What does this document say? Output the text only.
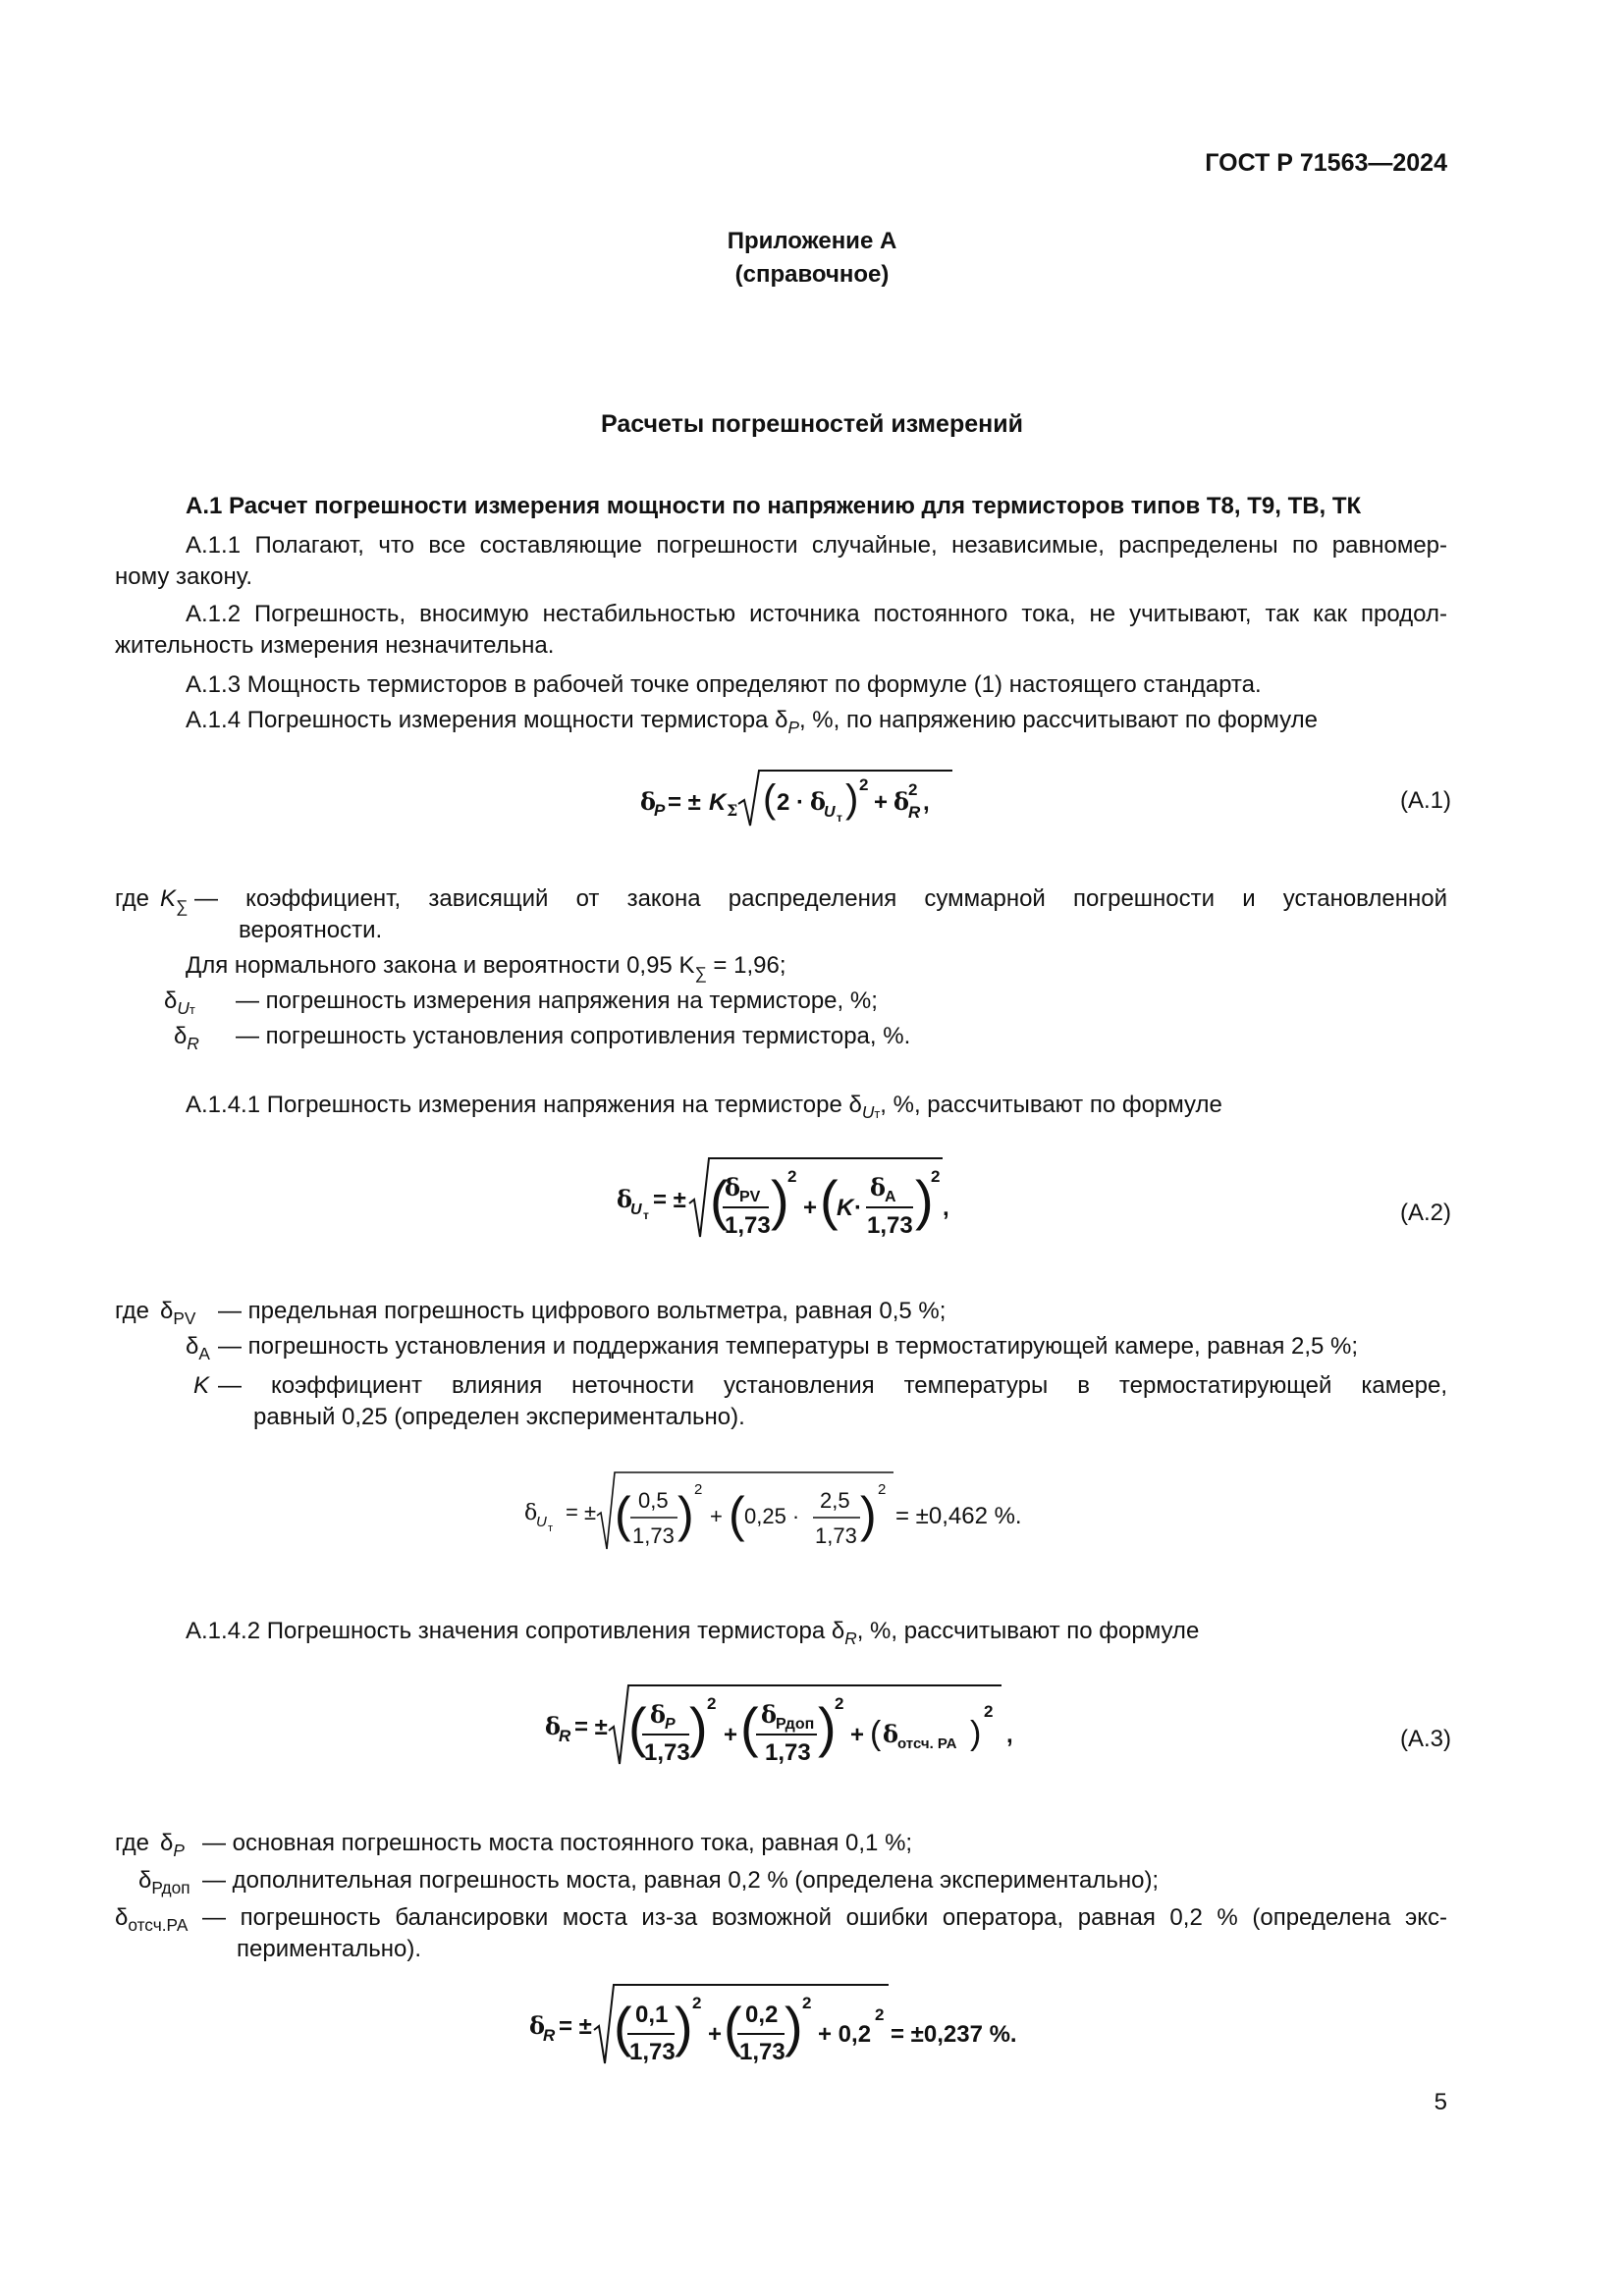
ГОСТ Р 71563—2024
Приложение А
(справочное)
Расчеты погрешностей измерений
А.1 Расчет погрешности измерения мощности по напряжению для термисторов типов Т8, Т9, ТВ, ТК
А.1.1 Полагают, что все составляющие погрешности случайные, независимые, распределены по равномер-
ному закону.
А.1.2 Погрешность, вносимую нестабильностью источника постоянного тока, не учитывают, так как продол-
жительность измерения незначительна.
А.1.3 Мощность термисторов в рабочей точке определяют по формуле (1) настоящего стандарта.
А.1.4 Погрешность измерения мощности термистора $\delta_P$, %, по напряжению рассчитывают по формуле
δ
P = ± K Σ ( 2 · δ
U т ) 2
+ δ
2
R ,	(А.1)
где $K_\sum$ — коэффициент, зависящий от закона распределения суммарной погрешности и установленной
вероятности.
Для нормального закона и вероятности 0,95 $K_\sum = 1,96$;
$\delta_{Uт}$ — погрешность измерения напряжения на термисторе, %;
$\delta_R$ — погрешность установления сопротивления термистора, %.
А.1.4.1 Погрешность измерения напряжения на термисторе $\delta_{Uт}$, %, рассчитывают по формуле
δ
U т
= ± (
δ
PV
1,73 )
2
+ (
K ·
δ
A
1,73 )
2
,	(А.2)
где $\delta_{PV}$ — предельная погрешность цифрового вольтметра, равная 0,5 %;
$\delta_A$ — погрешность установления и поддержания температуры в термостатирующей камере, равная 2,5 %;
K — коэффициент влияния неточности установления температуры в термостатирующей камере,
равный 0,25 (определен экспериментально).
δ
U т
= ± ( 0,5
1,73 ) 2
+ ( 0,25 ·
2,5
1,73 ) 2
= ±0,462 %.
А.1.4.2 Погрешность значения сопротивления термистора $\delta_R$, %, рассчитывают по формуле
δ
R = ± ( δ
P
1,73 ) 2
+ ( δ
Рдоп
1,73 )
2
+ ( δ
отсч. РА )
2
,	(А.3)
где $\delta_P$ — основная погрешность моста постоянного тока, равная 0,1 %;
$\delta_{Рдоп}$ — дополнительная погрешность моста, равная 0,2 % (определена экспериментально);
$\delta_{отсч.РА}$ — погрешность балансировки моста из-за возможной ошибки оператора, равная 0,2 % (определена экс-
периментально).
δ
R = ± ( 0,1
1,73 ) 2
+ ( 0,2
1,73 ) 2
+ 0,2
2
= ±0,237 %.
5
